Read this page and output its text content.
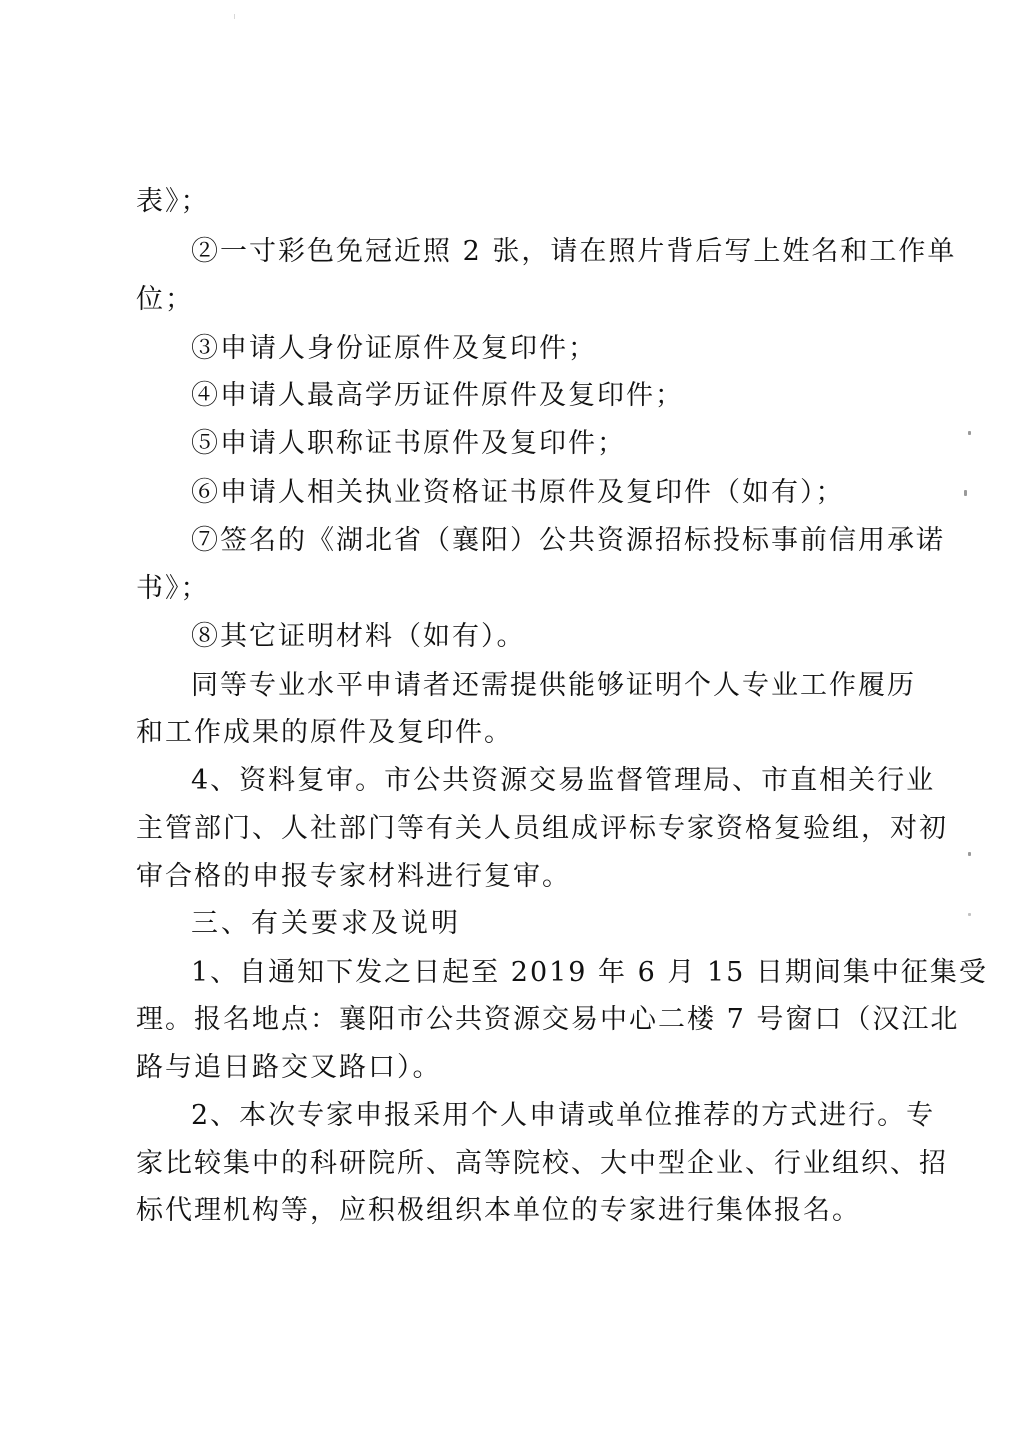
表》；
②一寸彩色免冠近照 2 张，请在照片背后写上姓名和工作单
位；
③申请人身份证原件及复印件；
④申请人最高学历证件原件及复印件；
⑤申请人职称证书原件及复印件；
⑥申请人相关执业资格证书原件及复印件（如有）；
⑦签名的《湖北省（襄阳）公共资源招标投标事前信用承诺
书》；
⑧其它证明材料（如有）。
同等专业水平申请者还需提供能够证明个人专业工作履历
和工作成果的原件及复印件。
4、资料复审。市公共资源交易监督管理局、市直相关行业
主管部门、人社部门等有关人员组成评标专家资格复验组，对初
审合格的申报专家材料进行复审。
三、有关要求及说明
1、自通知下发之日起至 2019 年 6 月 15 日期间集中征集受
理。报名地点：襄阳市公共资源交易中心二楼 7 号窗口（汉江北
路与追日路交叉路口）。
2、本次专家申报采用个人申请或单位推荐的方式进行。专
家比较集中的科研院所、高等院校、大中型企业、行业组织、招
标代理机构等，应积极组织本单位的专家进行集体报名。
